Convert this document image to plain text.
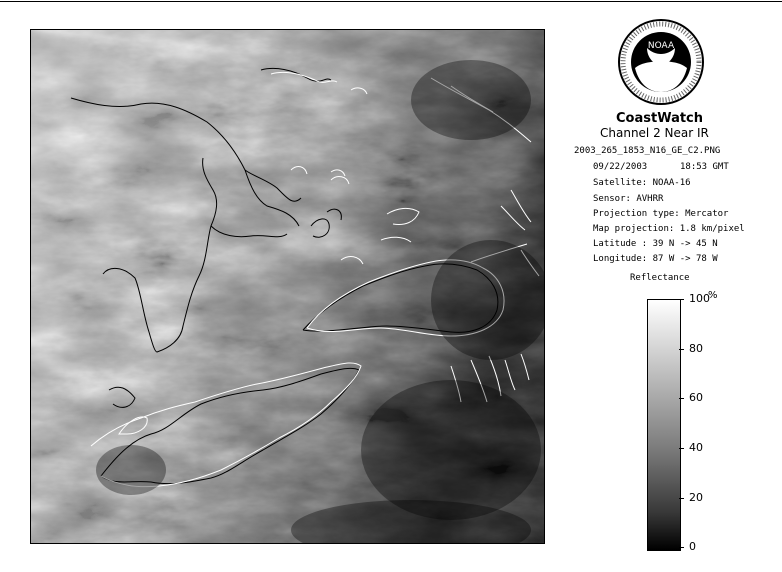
NOAA
CoastWatch
Channel 2 Near IR
2003_265_1853_N16_GE_C2.PNG
09/22/2003	18:53 GMT
Satellite: NOAA-16
Sensor: AVHRR
Projection type: Mercator
Map projection: 1.8 km/pixel
Latitude : 39 N -> 45 N
Longitude: 87 W -> 78 W
Reflectance
%
100
80
60
40
20
0
